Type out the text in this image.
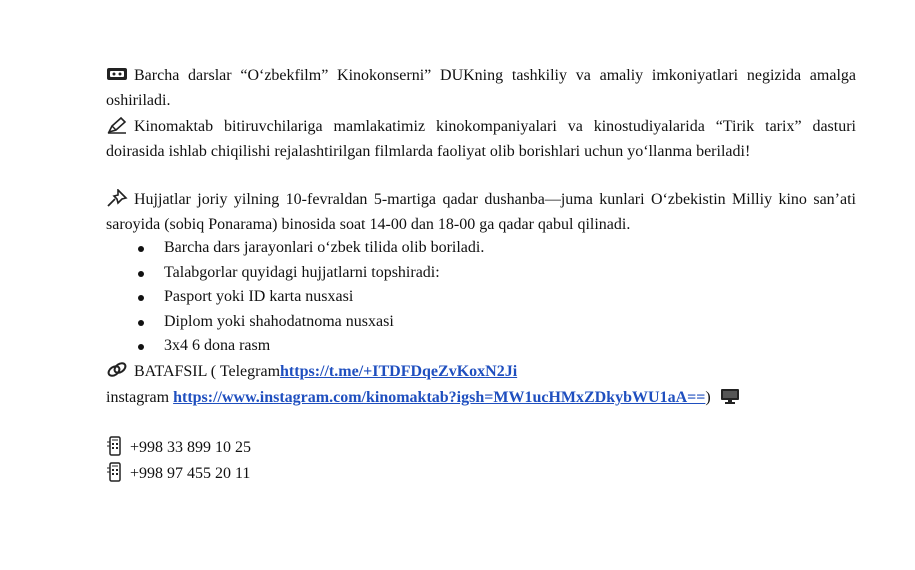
Barcha darslar “O‘zbekfilm” Kinokonserni” DUKning tashkiliy va amaliy imkoniyatlari negizida amalga oshiriladi.
Kinomaktab bitiruvchilariga mamlakatimiz kinokompaniyalari va kinostudiyalarida “Tirik tarix” dasturi doirasida ishlab chiqilishi rejalashtirilgan filmlarda faoliyat olib borishlari uchun yo‘llanma beriladi!
Hujjatlar joriy yilning 10-fevraldan 5-martiga qadar dushanba—juma kunlari O‘zbekistin Milliy kino san’ati saroyida (sobiq Ponarama) binosida soat 14-00 dan 18-00 ga qadar qabul qilinadi.
Barcha dars jarayonlari o‘zbek tilida olib boriladi.
Talabgorlar quyidagi hujjatlarni topshiradi:
Pasport yoki ID karta nusxasi
Diplom yoki shahodatnoma nusxasi
3x4 6 dona rasm
BATAFSIL ( Telegramhttps://t.me/+ITDFDqeZvKoxN2Ji
instagram https://www.instagram.com/kinomaktab?igsh=MW1ucHMxZDkybWU1aA==)
+998 33 899 10 25
+998 97 455 20 11
